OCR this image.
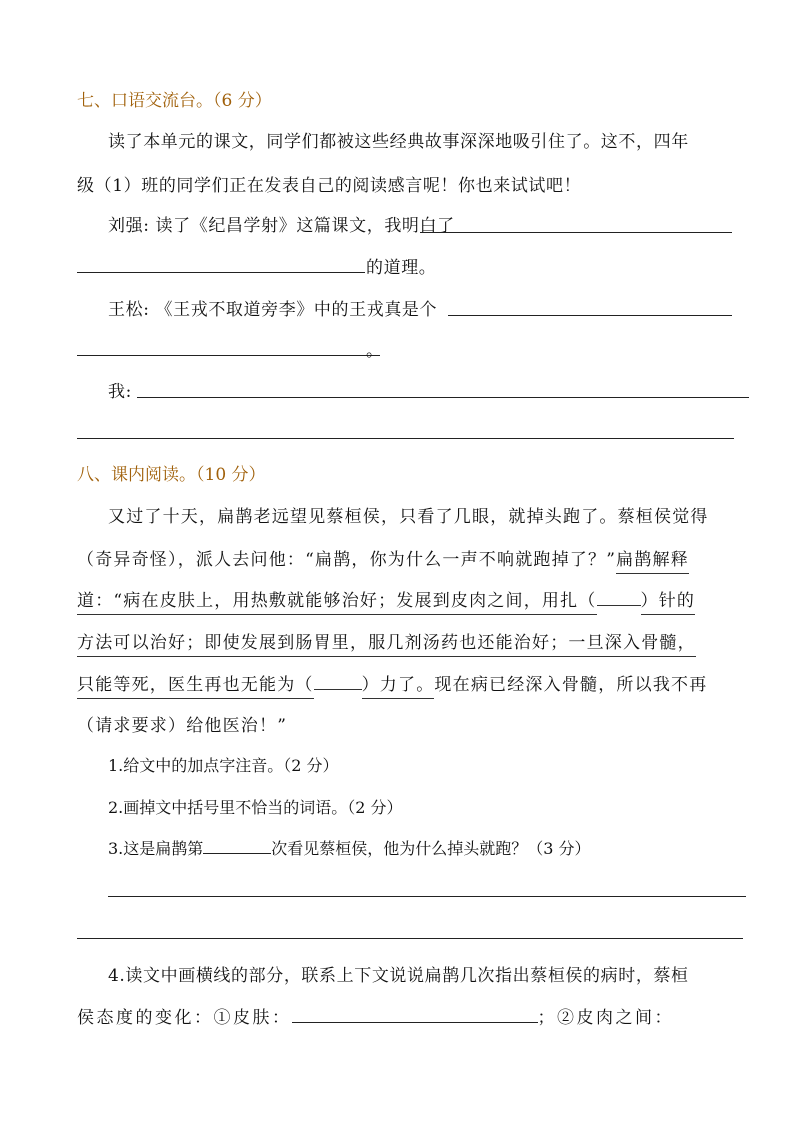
七、口语交流台。（6 分）
读了本单元的课文，同学们都被这些经典故事深深地吸引住了。这不，四年
级（1）班的同学们正在发表自己的阅读感言呢！你也来试试吧！
刘强: 读了《纪昌学射》这篇课文，我明白了
的道理。
王松: 《王戎不取道旁李》中的王戎真是个
。
我:
八、课内阅读。（10 分）
又过了十天，扁鹊老远望见蔡桓侯，只看了几眼，就掉头跑了。蔡桓侯觉得
（奇异奇怪），派人去问他：“扁鹊，你为什么一声不响就跑掉了？”扁鹊解释
道：“病在皮肤上，用热敷就能够治好；发展到皮肉之间，用扎（	）针的
方法可以治好；即使发展到肠胃里，服几剂汤药也还能治好；一旦深入骨髓，
只能等死，医生再也无能为（	）力了。现在病已经深入骨髓，所以我不再
（请求要求）给他医治！”
1.给文中的加点字注音。（2 分）
2.画掉文中括号里不恰当的词语。（2 分）
3.这是扁鹊第	次看见蔡桓侯，他为什么掉头就跑？（3 分）
4.读文中画横线的部分，联系上下文说说扁鹊几次指出蔡桓侯的病时，蔡桓
侯态度的变化：①皮肤：	；②皮肉之间：
